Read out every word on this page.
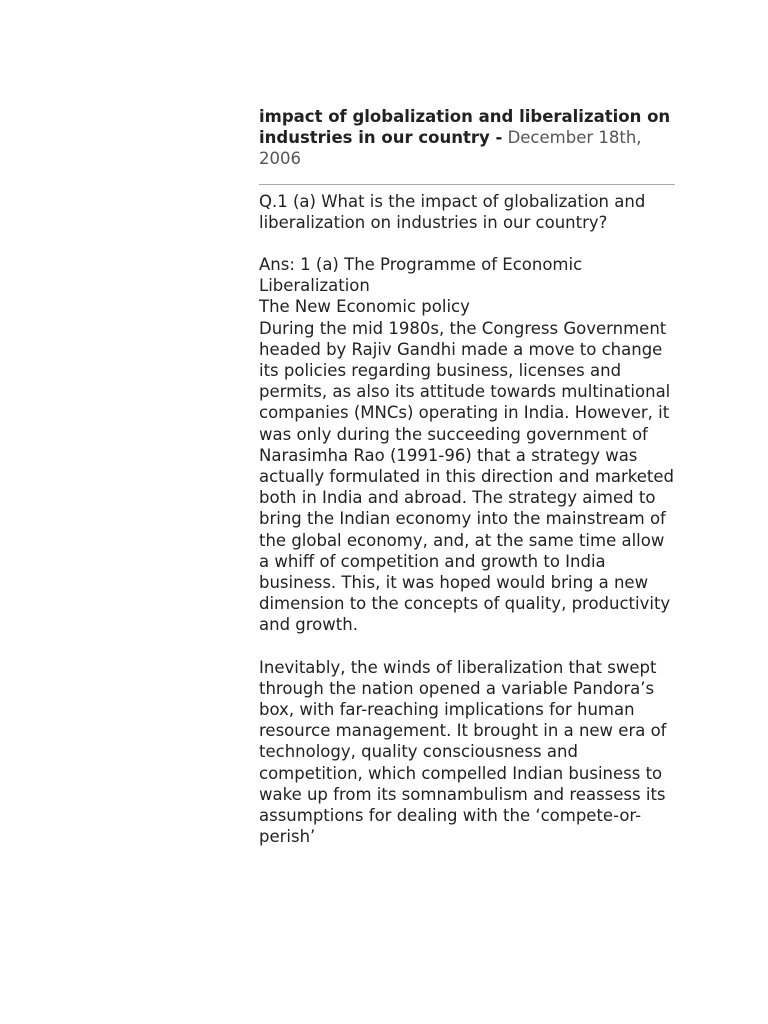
impact of globalization and liberalization on industries in our country - December 18th, 2006

Q.1 (a) What is the impact of globalization and liberalization on industries in our country?

Ans: 1 (a) The Programme of Economic Liberalization
The New Economic policy
During the mid 1980s, the Congress Government headed by Rajiv Gandhi made a move to change its policies regarding business, licenses and permits, as also its attitude towards multinational companies (MNCs) operating in India. However, it was only during the succeeding government of Narasimha Rao (1991-96) that a strategy was actually formulated in this direction and marketed both in India and abroad. The strategy aimed to bring the Indian economy into the mainstream of the global economy, and, at the same time allow a whiff of competition and growth to India business. This, it was hoped would bring a new dimension to the concepts of quality, productivity and growth.

Inevitably, the winds of liberalization that swept through the nation opened a variable Pandora’s box, with far-reaching implications for human resource management. It brought in a new era of technology, quality consciousness and competition, which compelled Indian business to wake up from its somnambulism and reassess its assumptions for dealing with the ‘compete-or-perish’
